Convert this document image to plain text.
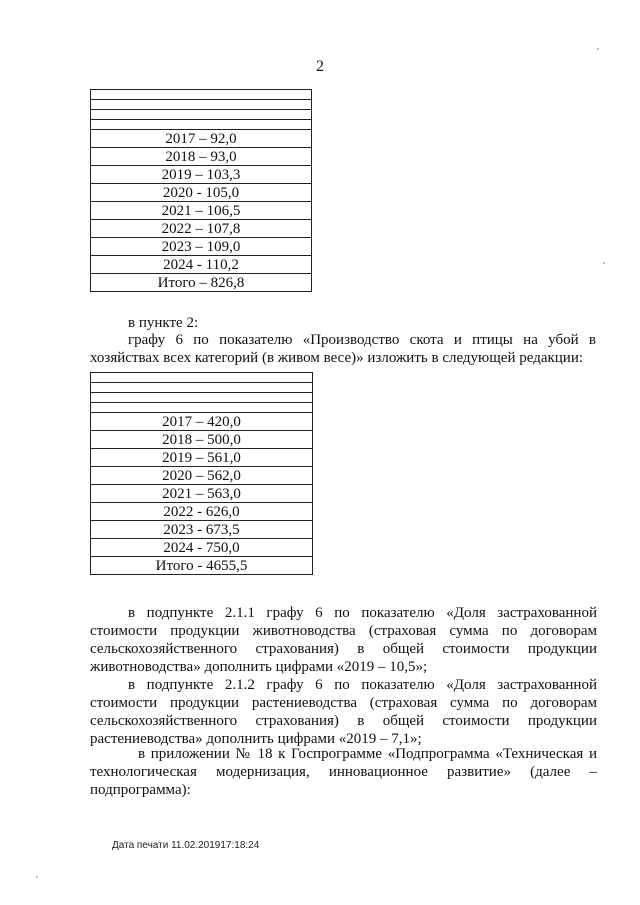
2

2017 – 92,0
2018 – 93,0
2019 – 103,3
2020 - 105,0
2021 – 106,5
2022 – 107,8
2023 – 109,0
2024 - 110,2
Итого – 826,8
в пункте 2:
графу 6 по показателю «Производство скота и птицы на убой в
хозяйствах всех категорий (в живом весе)» изложить в следующей редакции:

2017 – 420,0
2018 – 500,0
2019 – 561,0
2020 – 562,0
2021 – 563,0
2022 - 626,0
2023 - 673,5
2024 - 750,0
Итого - 4655,5
в подпункте 2.1.1 графу 6 по показателю «Доля застрахованной
стоимости продукции животноводства (страховая сумма по договорам
сельскохозяйственного страхования) в общей стоимости продукции
животноводства» дополнить цифрами «2019 – 10,5»;
в подпункте 2.1.2 графу 6 по показателю «Доля застрахованной
стоимости продукции растениеводства (страховая сумма по договорам
сельскохозяйственного страхования) в общей стоимости продукции
растениеводства» дополнить цифрами «2019 – 7,1»;
в приложении № 18 к Госпрограмме «Подпрограмма «Техническая и
технологическая модернизация, инновационное развитие» (далее –
подпрограмма):
Дата печати 11.02.201917:18:24
